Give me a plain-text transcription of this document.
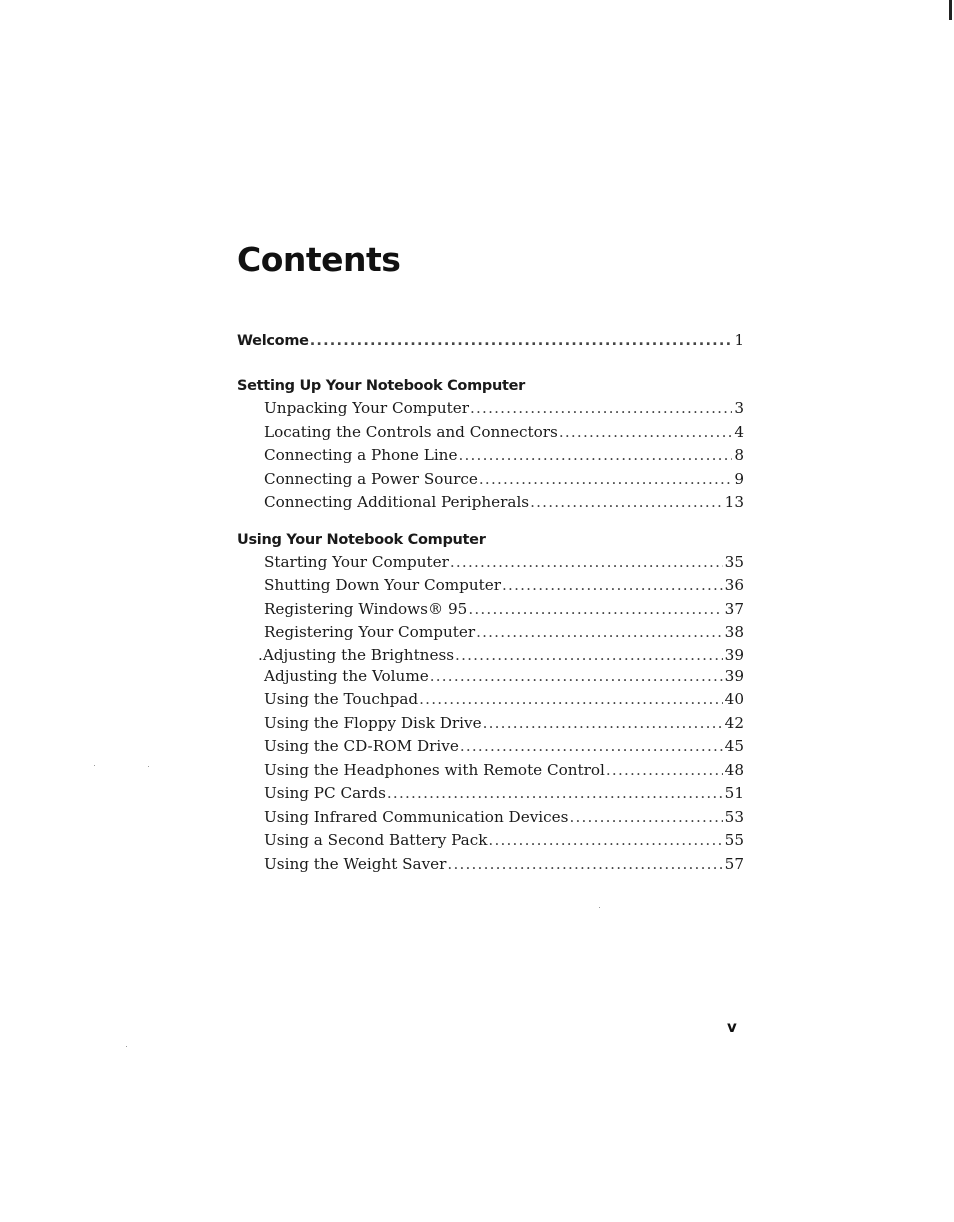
Contents
Welcome .....	1
Setting Up Your Notebook Computer
Unpacking Your Computer .....	3
Locating the Controls and Connectors .....	4
Connecting a Phone Line .....	8
Connecting a Power Source .....	9
Connecting Additional Peripherals .....	13
Using Your Notebook Computer
Starting Your Computer .....	35
Shutting Down Your Computer .....	36
Registering Windows® 95 .....	37
Registering Your Computer .....	38
.Adjusting the Brightness .....	39
Adjusting the Volume .....	39
Using the Touchpad .....	40
Using the Floppy Disk Drive .....	42
Using the CD-ROM Drive .....	45
Using the Headphones with Remote Control .....	48
Using PC Cards .....	51
Using Infrared Communication Devices .....	53
Using a Second Battery Pack .....	55
Using the Weight Saver .....	57
v
